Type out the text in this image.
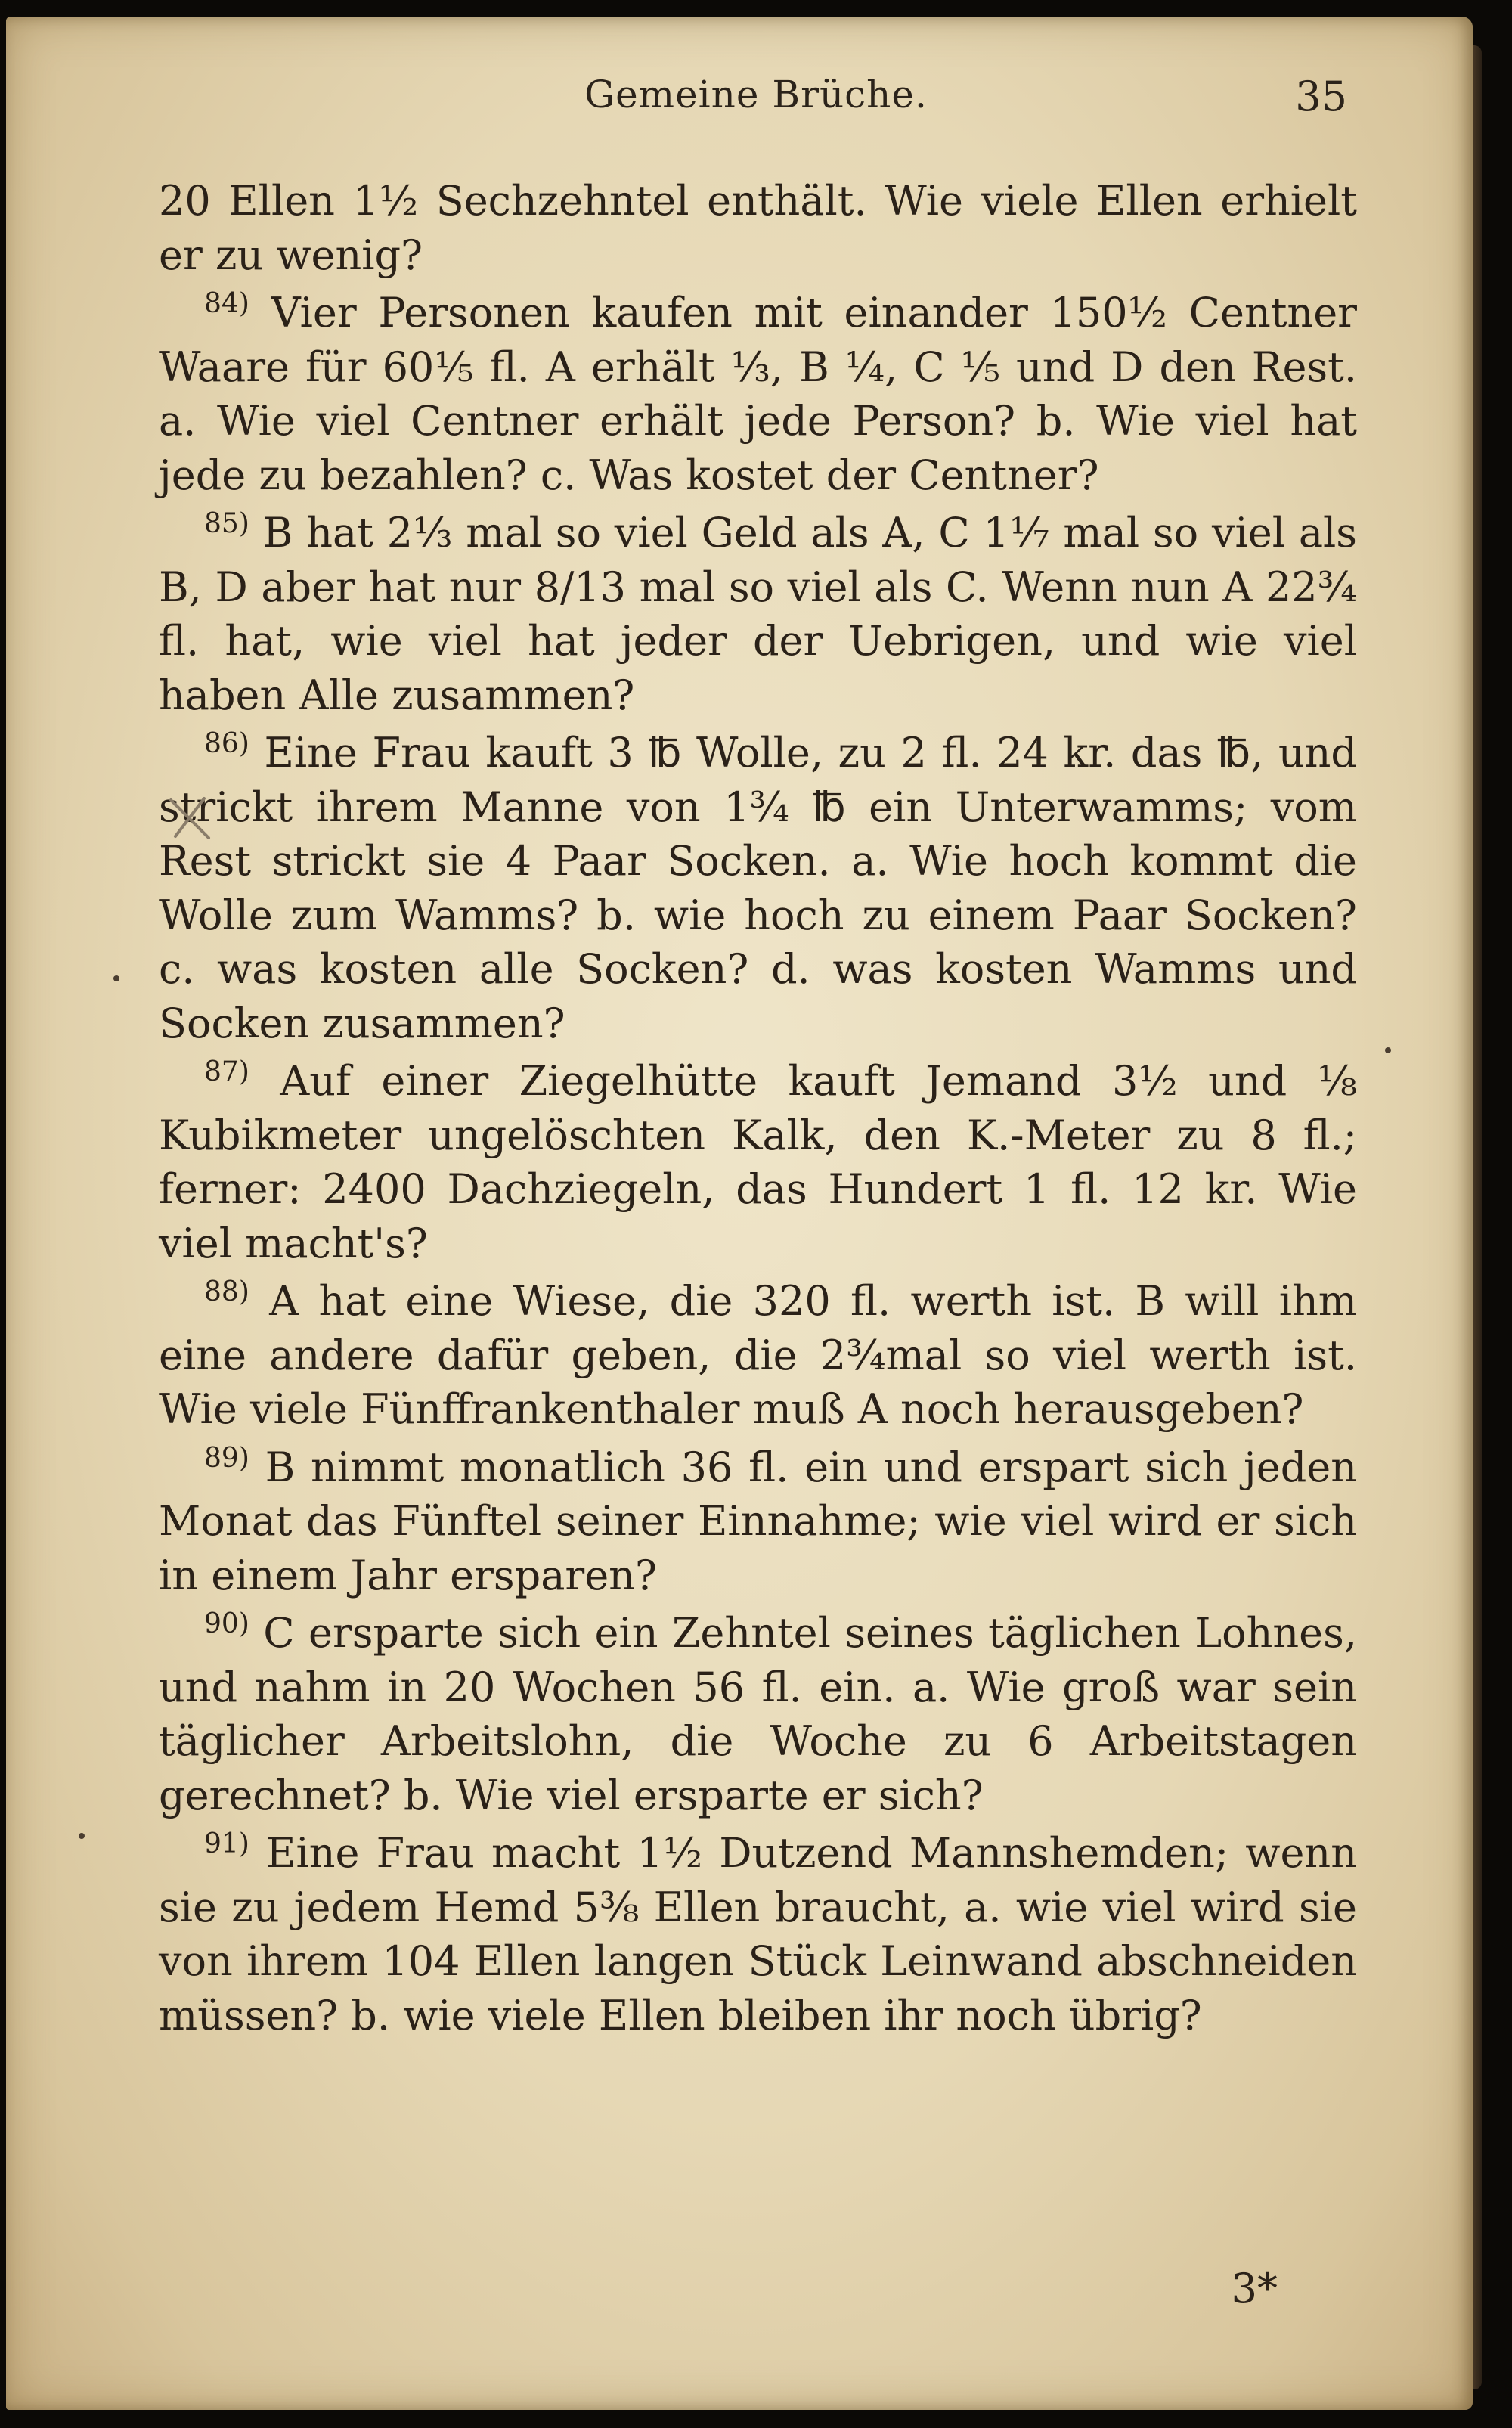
Gemeine Brüche.	35

20 Ellen 1½ Sechzehntel enthält. Wie viele Ellen erhielt er zu wenig?

$^{84)}$ Vier Personen kaufen mit einander 150½ Centner Waare für 60⅕ fl. A erhält ⅓, B ¼, C ⅕ und D den Rest. a. Wie viel Centner erhält jede Person? b. Wie viel hat jede zu bezahlen? c. Was kostet der Centner?

$^{85)}$ B hat 2⅓ mal so viel Geld als A, C 1⅐ mal so viel als B, D aber hat nur 8/13 mal so viel als C. Wenn nun A 22¾ fl. hat, wie viel hat jeder der Uebrigen, und wie viel haben Alle zusammen?

$^{86)}$ Eine Frau kauft 3 ℔ Wolle, zu 2 fl. 24 kr. das ℔, und strickt ihrem Manne von 1¾ ℔ ein Unterwamms; vom Rest strickt sie 4 Paar Socken. a. Wie hoch kommt die Wolle zum Wamms? b. wie hoch zu einem Paar Socken? c. was kosten alle Socken? d. was kosten Wamms und Socken zusammen?

$^{87)}$ Auf einer Ziegelhütte kauft Jemand 3½ und ⅛ Kubikmeter ungelöschten Kalk, den K.-Meter zu 8 fl.; ferner: 2400 Dachziegeln, das Hundert 1 fl. 12 kr. Wie viel macht's?

$^{88)}$ A hat eine Wiese, die 320 fl. werth ist. B will ihm eine andere dafür geben, die 2¾mal so viel werth ist. Wie viele Fünffrankenthaler muß A noch herausgeben?

$^{89)}$ B nimmt monatlich 36 fl. ein und erspart sich jeden Monat das Fünftel seiner Einnahme; wie viel wird er sich in einem Jahr ersparen?

$^{90)}$ C ersparte sich ein Zehntel seines täglichen Lohnes, und nahm in 20 Wochen 56 fl. ein. a. Wie groß war sein täglicher Arbeitslohn, die Woche zu 6 Arbeitstagen gerechnet? b. Wie viel ersparte er sich?

$^{91)}$ Eine Frau macht 1½ Dutzend Mannshemden; wenn sie zu jedem Hemd 5⅜ Ellen braucht, a. wie viel wird sie von ihrem 104 Ellen langen Stück Leinwand abschneiden müssen? b. wie viele Ellen bleiben ihr noch übrig?

3*
